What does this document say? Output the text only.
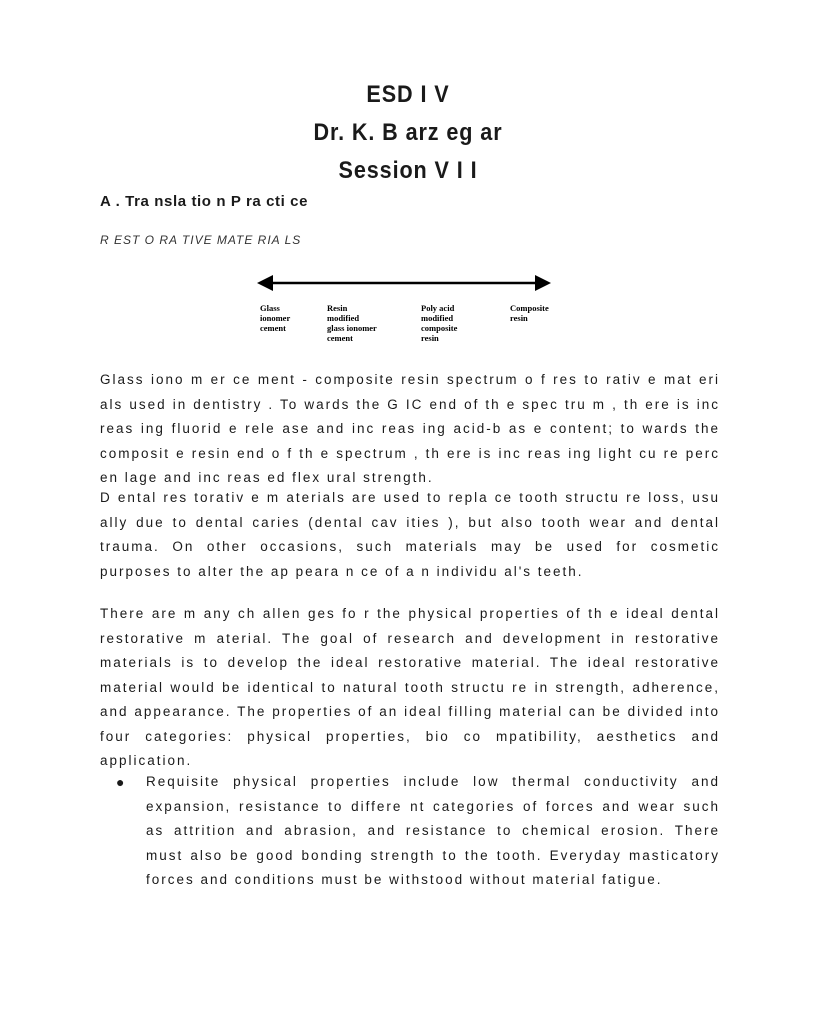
ESD I V
Dr. K. B arz eg ar
Session V I I
A . Tra nsla tio n P ra cti ce
R EST O RA TIVE MATE RIA LS
Glass ionomer cement
Resin modified glass ionomer cement
Poly acid modified composite resin
Composite resin
Glass iono m er ce ment - composite resin spectrum o f res to rativ e mat eri als used in dentistry . To wards the G IC end of th e spec tru m , th ere is inc reas ing fluorid e rele ase and inc reas ing acid-b as e content; to wards the composit e resin end o f th e spectrum , th ere is inc reas ing light cu re perc en lage and inc reas ed flex ural strength.
D ental res torativ e m aterials are used to repla ce tooth structu re loss, usu ally due to dental caries (dental cav ities ), but also tooth wear and dental trauma. On other occasions, such materials may be used for cosmetic purposes to alter the ap peara n ce of a n individu al's teeth.
There are m any ch allen ges fo r the physical properties of th e ideal dental restorative m aterial. The goal of research and development in restorative materials is to develop the ideal restorative material. The ideal restorative material would be identical to natural tooth structu re in strength, adherence, and appearance. The properties of an ideal filling material can be divided into four categories: physical properties, bio co mpatibility, aesthetics and application.
● Requisite physical properties include low thermal conductivity and expansion, resistance to differe nt categories of forces and wear such as attrition and abrasion, and resistance to chemical erosion. There must also be good bonding strength to the tooth. Everyday masticatory forces and conditions must be withstood without material fatigue.
